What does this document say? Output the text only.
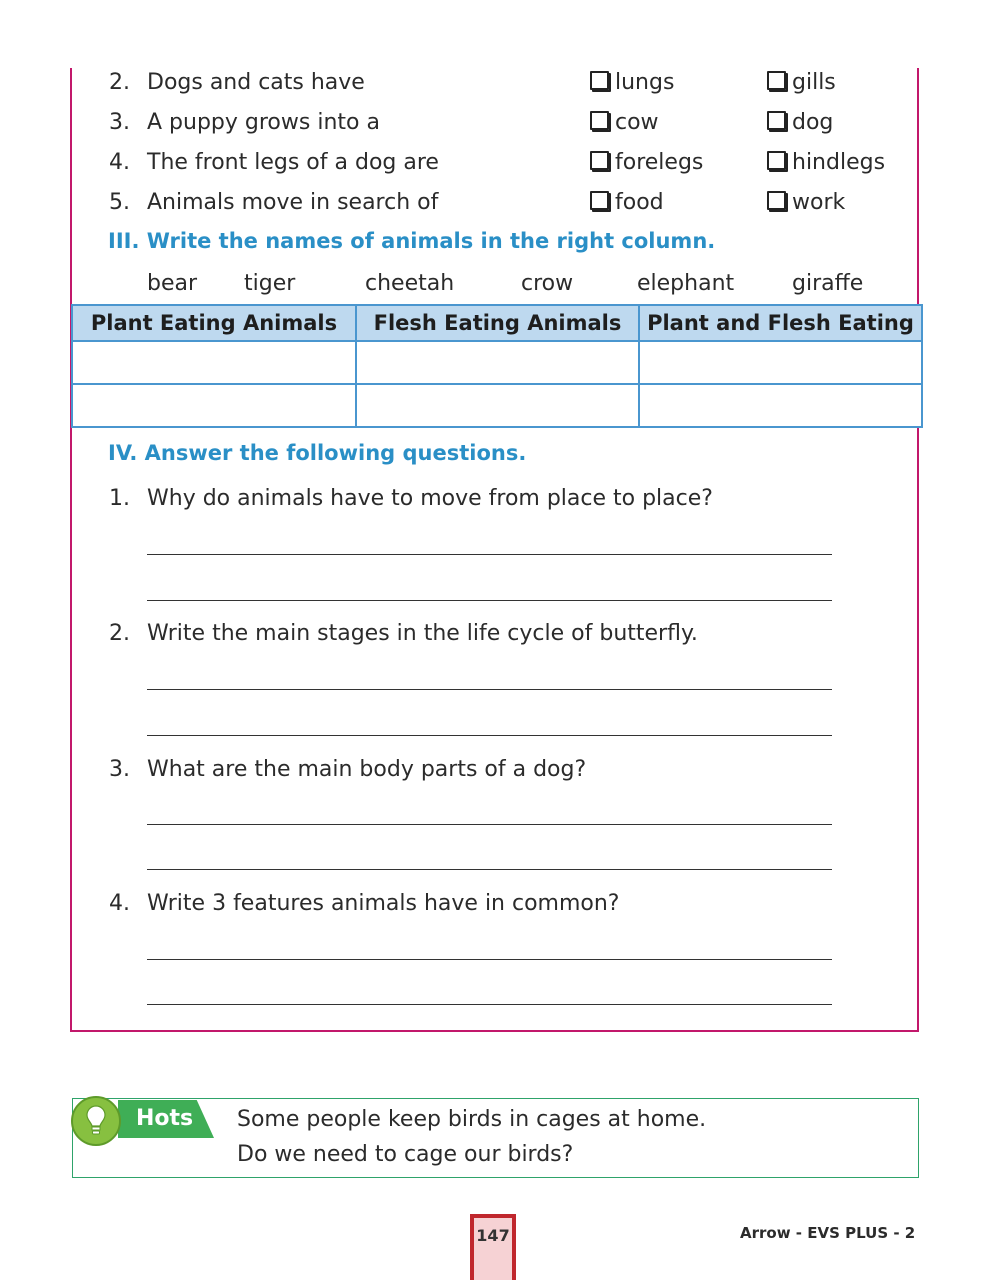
2. Dogs and cats have	lungs	gills
3. A puppy grows into a	cow	dog
4. The front legs of a dog are	forelegs	hindlegs
5. Animals move in search of	food	work
III. Write the names of animals in the right column.
bear tiger	cheetah	crow	elephant	giraffe
Plant Eating Animals	Flesh Eating Animals	Plant and Flesh Eating

IV. Answer the following questions.
1. Why do animals have to move from place to place?
2. Write the main stages in the life cycle of butterfly.
3. What are the main body parts of a dog?
4. Write 3 features animals have in common?
Hots Some people keep birds in cages at home.
Do we need to cage our birds?
147	Arrow - EVS PLUS - 2
